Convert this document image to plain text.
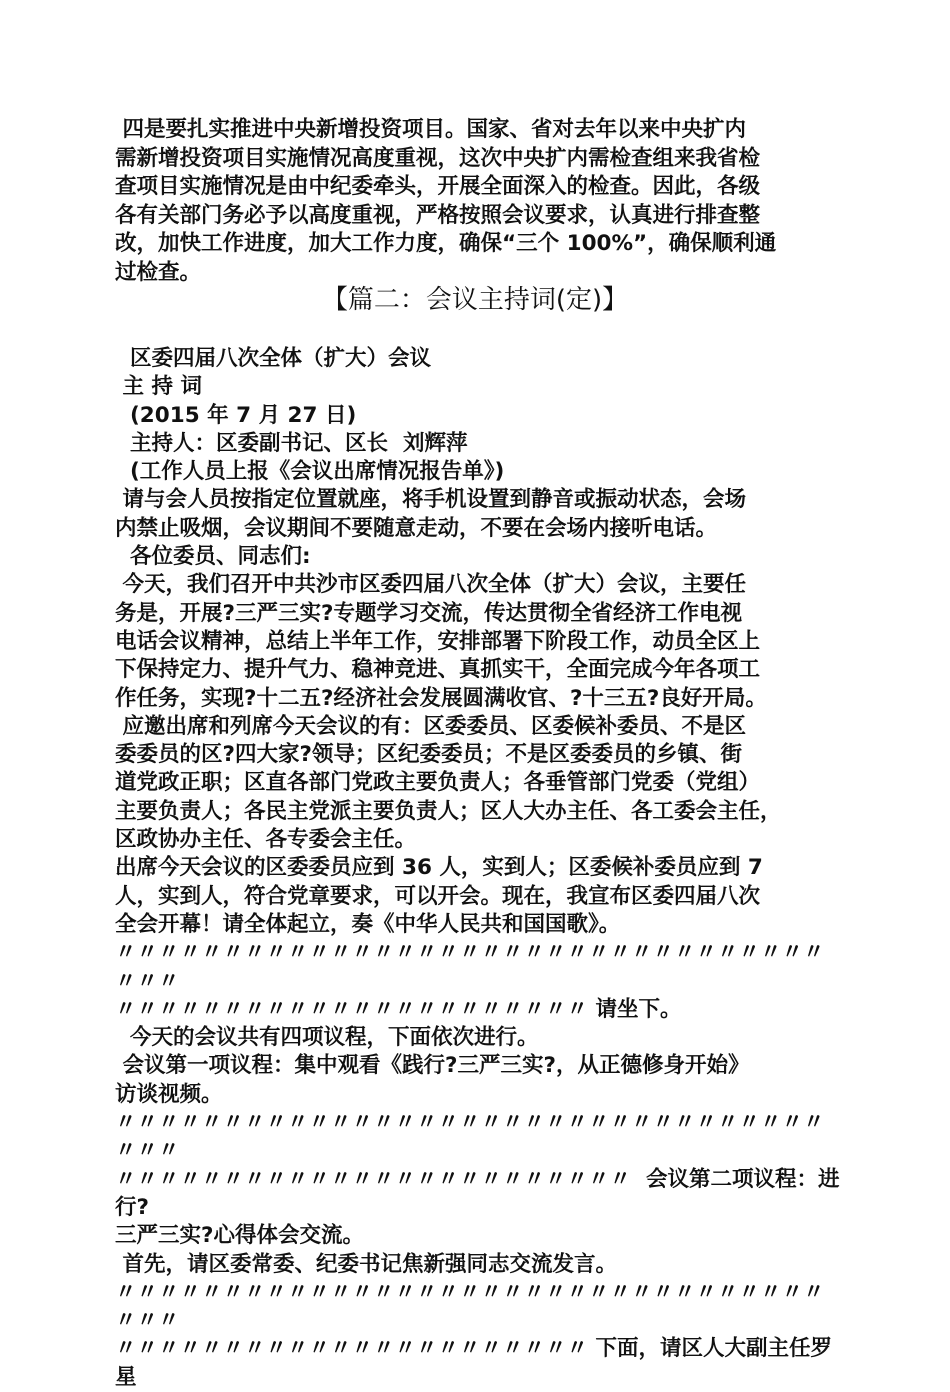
四是要扎实推进中央新增投资项目。国家、省对去年以来中央扩内
需新增投资项目实施情况高度重视，这次中央扩内需检查组来我省检
查项目实施情况是由中纪委牵头，开展全面深入的检查。因此，各级
各有关部门务必予以高度重视，严格按照会议要求，认真进行排查整
改，加快工作进度，加大工作力度，确保“三个 100%”，确保顺利通
过检查。

【篇二：会议主持词(定)】

区委四届八次全体（扩大）会议
主 持 词
(2015 年 7 月 27 日)
主持人：区委副书记、区长  刘辉萍
(工作人员上报《会议出席情况报告单》)
请与会人员按指定位置就座，将手机设置到静音或振动状态，会场
内禁止吸烟，会议期间不要随意走动，不要在会场内接听电话。
各位委员、同志们:
今天，我们召开中共沙市区委四届八次全体（扩大）会议，主要任
务是，开展?三严三实?专题学习交流，传达贯彻全省经济工作电视
电话会议精神，总结上半年工作，安排部署下阶段工作，动员全区上
下保持定力、提升气力、稳神竞进、真抓实干，全面完成今年各项工
作任务，实现?十二五?经济社会发展圆满收官、?十三五?良好开局。
应邀出席和列席今天会议的有：区委委员、区委候补委员、不是区
委委员的区?四大家?领导；区纪委委员；不是区委委员的乡镇、街
道党政正职；区直各部门党政主要负责人；各垂管部门党委（党组）
主要负责人；各民主党派主要负责人；区人大办主任、各工委会主任，
区政协办主任、各专委会主任。
出席今天会议的区委委员应到 36 人，实到人；区委候补委员应到 7
人，实到人，符合党章要求，可以开会。现在，我宣布区委四届八次
全会开幕！请全体起立，奏《中华人民共和国国歌》。
〃〃〃〃〃〃〃〃〃〃〃〃〃〃〃〃〃〃〃〃〃〃〃〃〃〃〃〃〃〃〃〃〃〃〃〃
〃〃〃〃〃〃〃〃〃〃〃〃〃〃〃〃〃〃〃〃〃〃 请坐下。
今天的会议共有四项议程，下面依次进行。
会议第一项议程：集中观看《践行?三严三实?，从正德修身开始》
访谈视频。
〃〃〃〃〃〃〃〃〃〃〃〃〃〃〃〃〃〃〃〃〃〃〃〃〃〃〃〃〃〃〃〃〃〃〃〃
〃〃〃〃〃〃〃〃〃〃〃〃〃〃〃〃〃〃〃〃〃〃〃〃  会议第二项议程：进行?
三严三实?心得体会交流。
首先，请区委常委、纪委书记焦新强同志交流发言。
〃〃〃〃〃〃〃〃〃〃〃〃〃〃〃〃〃〃〃〃〃〃〃〃〃〃〃〃〃〃〃〃〃〃〃〃
〃〃〃〃〃〃〃〃〃〃〃〃〃〃〃〃〃〃〃〃〃〃 下面，请区人大副主任罗星
